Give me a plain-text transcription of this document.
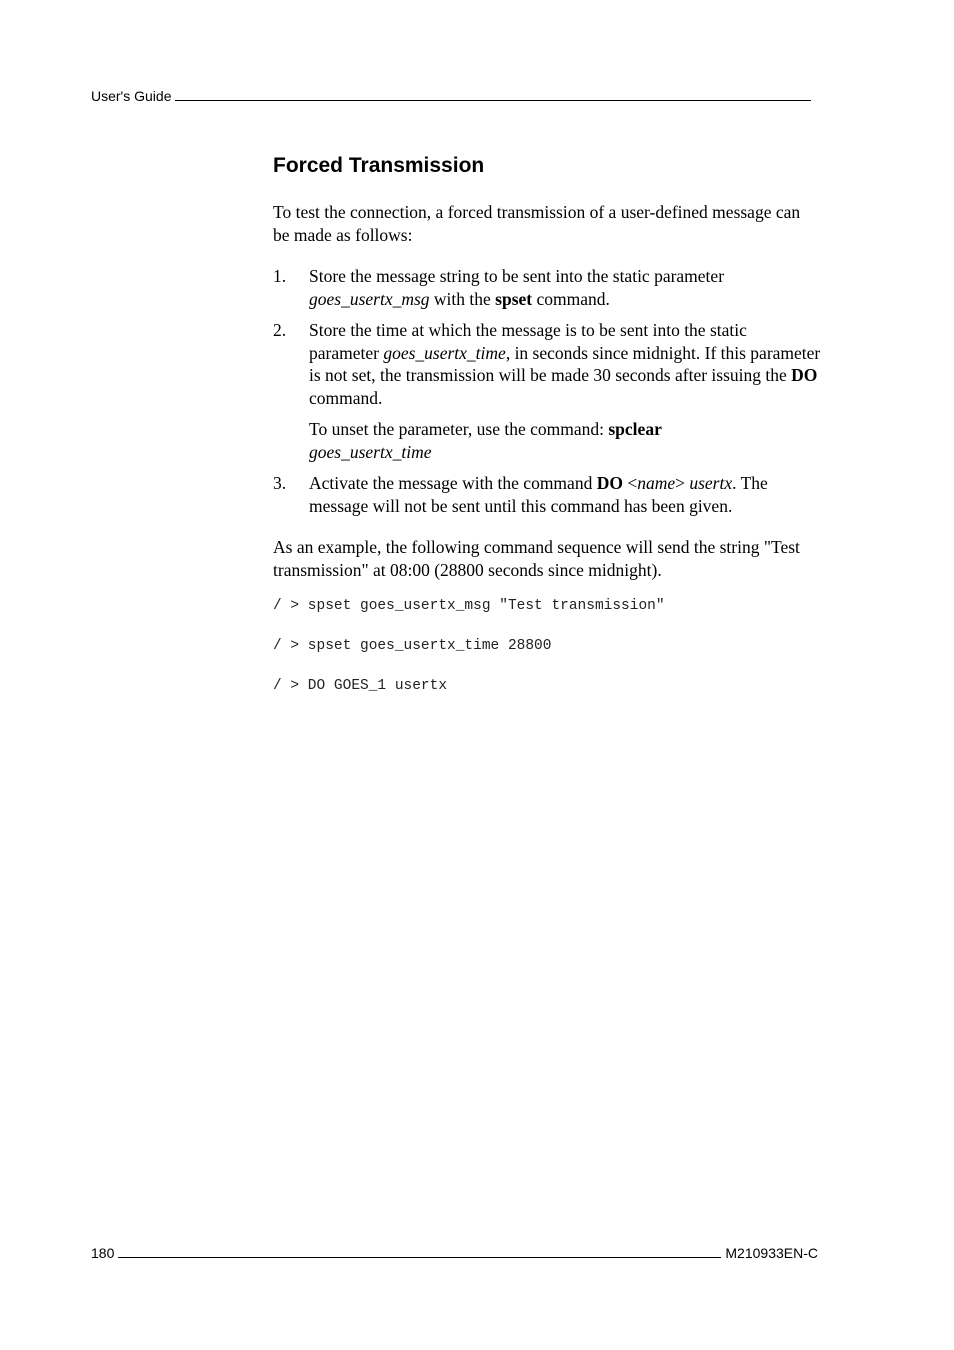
User's Guide
Forced Transmission

To test the connection, a forced transmission of a user-defined message can be made as follows:

1. Store the message string to be sent into the static parameter goes_usertx_msg with the spset command.
2. Store the time at which the message is to be sent into the static parameter goes_usertx_time, in seconds since midnight. If this parameter is not set, the transmission will be made 30 seconds after issuing the DO command.
To unset the parameter, use the command: spclear
goes_usertx_time
3. Activate the message with the command DO <name> usertx. The message will not be sent until this command has been given.

As an example, the following command sequence will send the string "Test transmission" at 08:00 (28800 seconds since midnight).

/ > spset goes_usertx_msg "Test transmission"
/ > spset goes_usertx_time 28800
/ > DO GOES_1 usertx
180	M210933EN-C
